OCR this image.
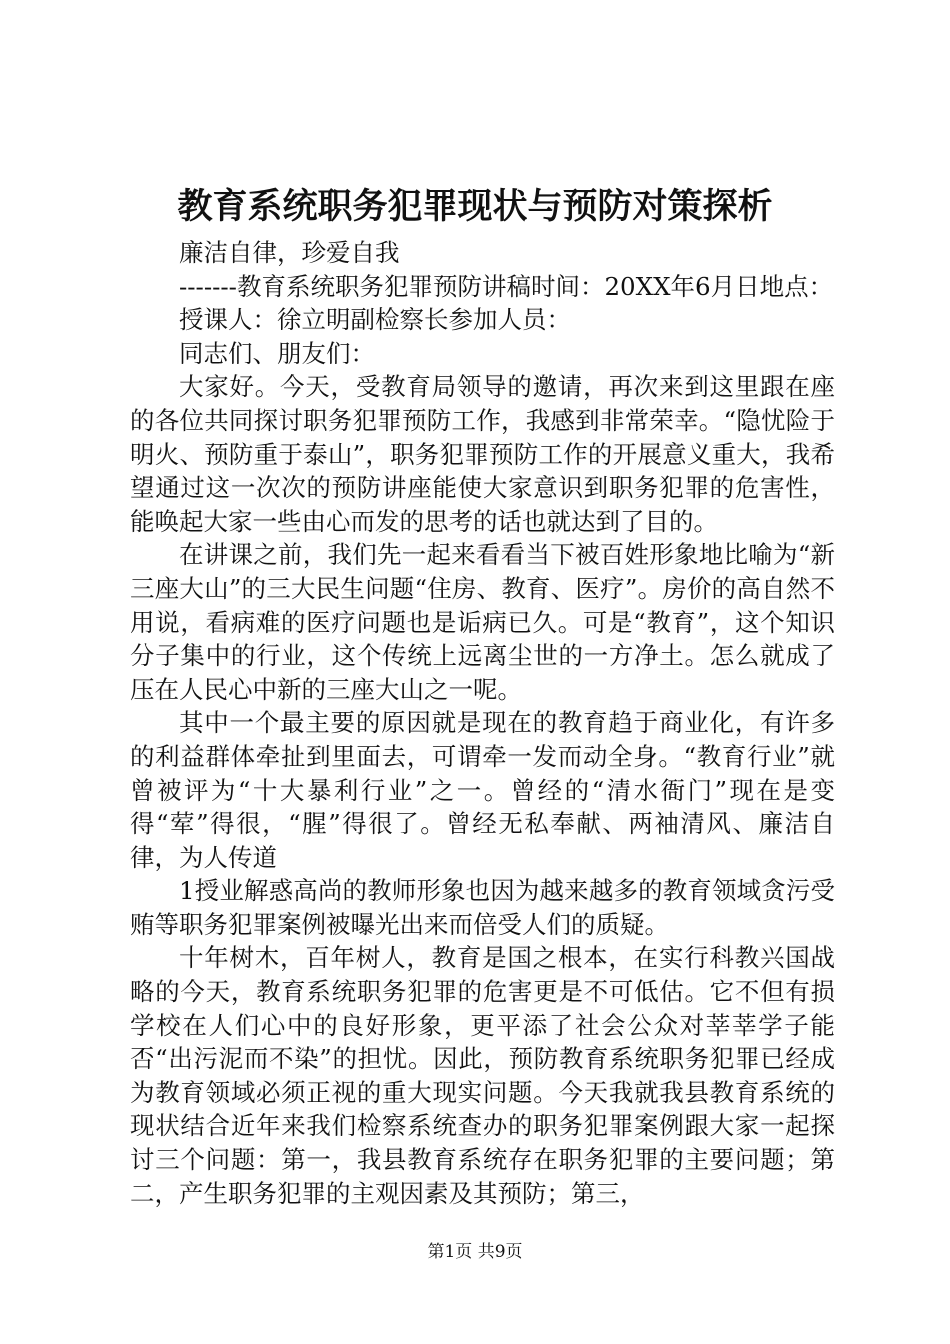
教育系统职务犯罪现状与预防对策探析

廉洁自律，珍爱自我

-------教育系统职务犯罪预防讲稿时间：20XX年6月日地点：

授课人：徐立明副检察长参加人员：

同志们、朋友们：

大家好。今天，受教育局领导的邀请，再次来到这里跟在座的各位共同探讨职务犯罪预防工作，我感到非常荣幸。“隐忧险于明火、预防重于泰山”，职务犯罪预防工作的开展意义重大，我希望通过这一次次的预防讲座能使大家意识到职务犯罪的危害性，能唤起大家一些由心而发的思考的话也就达到了目的。

在讲课之前，我们先一起来看看当下被百姓形象地比喻为“新三座大山”的三大民生问题“住房、教育、医疗”。房价的高自然不用说，看病难的医疗问题也是诟病已久。可是“教育”，这个知识分子集中的行业，这个传统上远离尘世的一方净土。怎么就成了压在人民心中新的三座大山之一呢。

其中一个最主要的原因就是现在的教育趋于商业化，有许多的利益群体牵扯到里面去，可谓牵一发而动全身。“教育行业”就曾被评为“十大暴利行业”之一。曾经的“清水衙门”现在是变得“荤”得很，“腥”得很了。曾经无私奉献、两袖清风、廉洁自律，为人传道

1授业解惑高尚的教师形象也因为越来越多的教育领域贪污受贿等职务犯罪案例被曝光出来而倍受人们的质疑。

十年树木，百年树人，教育是国之根本，在实行科教兴国战略的今天，教育系统职务犯罪的危害更是不可低估。它不但有损学校在人们心中的良好形象，更平添了社会公众对莘莘学子能否“出污泥而不染”的担忧。因此，预防教育系统职务犯罪已经成为教育领域必须正视的重大现实问题。今天我就我县教育系统的现状结合近年来我们检察系统查办的职务犯罪案例跟大家一起探讨三个问题：第一，我县教育系统存在职务犯罪的主要问题；第二，产生职务犯罪的主观因素及其预防；第三，

第1页 共9页
